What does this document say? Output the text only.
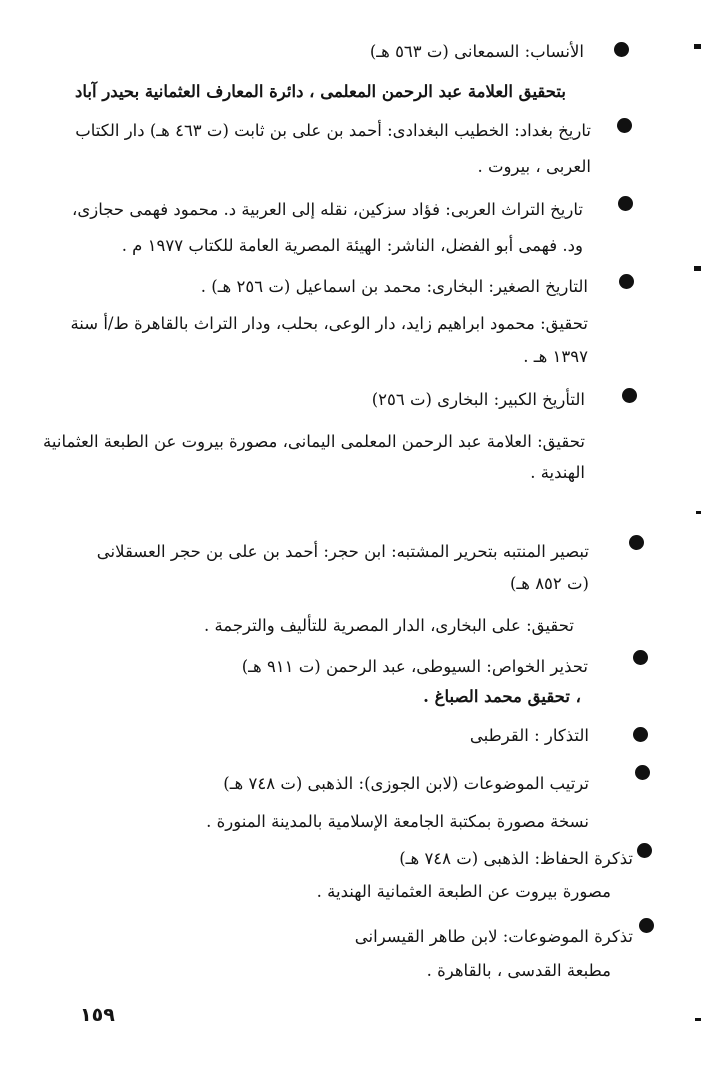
الأنساب: السمعانى (ت ٥٦٣ هـ)
بتحقيق العلامة عبد الرحمن المعلمى ، دائرة المعارف العثمانية بحيدر آباد
تاريخ بغداد: الخطيب البغدادى: أحمد بن على بن ثابت (ت ٤٦٣ هـ) دار الكتاب
العربى ، بيروت .
تاريخ التراث العربى: فؤاد سزكين، نقله إلى العربية د. محمود فهمى حجازى،
ود. فهمى أبو الفضل، الناشر: الهيئة المصرية العامة للكتاب ١٩٧٧ م .
التاريخ الصغير: البخارى: محمد بن اسماعيل (ت ٢٥٦ هـ) .
تحقيق: محمود ابراهيم زايد، دار الوعى، بحلب، ودار التراث بالقاهرة ط/أ سنة
١٣٩٧ هـ .
التأريخ الكبير: البخارى (ت ٢٥٦)
تحقيق: العلامة عبد الرحمن المعلمى اليمانى، مصورة بيروت عن الطبعة العثمانية
الهندية .
تبصير المنتبه بتحرير المشتبه: ابن حجر: أحمد بن على بن حجر العسقلانى
(ت ٨٥٢ هـ)
تحقيق: على البخارى، الدار المصرية للتأليف والترجمة .
تحذير الخواص: السيوطى، عبد الرحمن (ت ٩١١ هـ)
، تحقيق محمد الصباغ .
التذكار : القرطبى
ترتيب الموضوعات (لابن الجوزى): الذهبى (ت ٧٤٨ هـ)
نسخة مصورة بمكتبة الجامعة الإسلامية بالمدينة المنورة .
تذكرة الحفاظ: الذهبى (ت ٧٤٨ هـ)
مصورة بيروت عن الطبعة العثمانية الهندية .
تذكرة الموضوعات: لابن طاهر القيسرانى
مطبعة القدسى ، بالقاهرة .
١٥٩
